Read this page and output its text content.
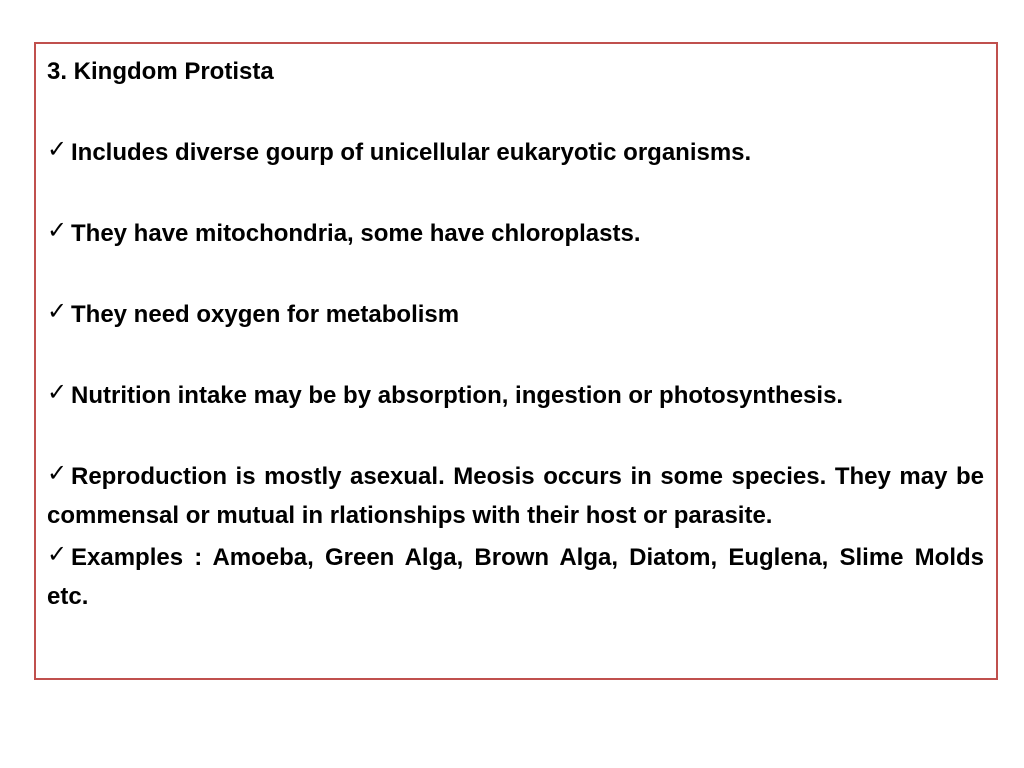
3. Kingdom Protista

✓ Includes diverse gourp of unicellular eukaryotic organisms.

✓ They have mitochondria, some have chloroplasts.

✓ They need oxygen for metabolism

✓ Nutrition intake may be by absorption, ingestion or photosynthesis.

✓ Reproduction is mostly asexual. Meosis occurs in some species. They may be commensal or mutual in rlationships with their host or parasite.

✓ Examples : Amoeba, Green Alga, Brown Alga, Diatom, Euglena, Slime Molds etc.
